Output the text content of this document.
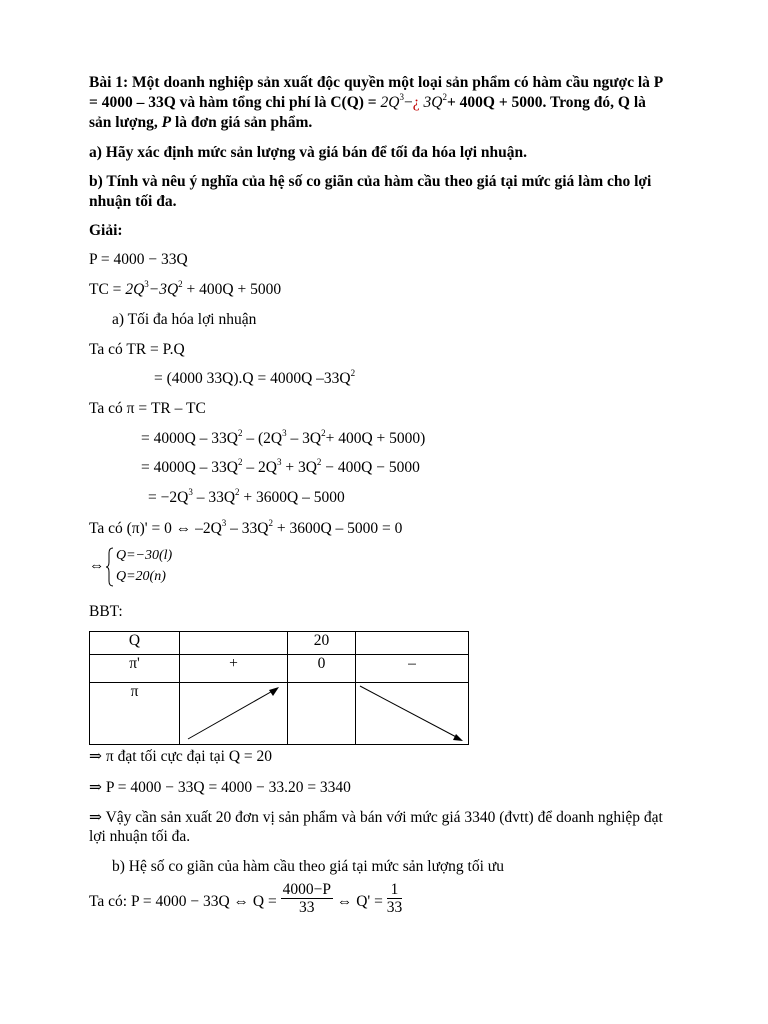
Bài 1: Một doanh nghiệp sản xuất độc quyền một loại sản phẩm có hàm cầu ngược là P
= 4000 – 33Q và hàm tổng chi phí là $C(Q) = 2Q^3-¿$ $3Q^2+ 400Q + 5000$. Trong đó, Q là
sản lượng, P là đơn giá sản phẩm.
a) Hãy xác định mức sản lượng và giá bán để tối đa hóa lợi nhuận.
b) Tính và nêu ý nghĩa của hệ số co giãn của hàm cầu theo giá tại mức giá làm cho lợi
nhuận tối đa.
Giải:
P = 4000 − 33Q
TC = $2Q^3-3Q^2 + 400Q + 5000$
a) Tối đa hóa lợi nhuận
Ta có TR = P.Q
= (4000 33Q).Q = 4000Q $-33Q^2$
Ta có π = TR – TC
= $4000Q - 33Q^2 - (2Q^3 - 3Q^2+ 400Q + 5000)$
= $4000Q - 33Q^2 - 2Q^3 + 3Q^2 - 400Q - 5000$
= $-2Q^3 - 33Q^2 + 3600Q - 5000$
Ta có (π)' = 0 ⇔ $-2Q^3 - 33Q^2 + 3600Q - 5000 = 0$
⇔
Q=−30(l)
Q=20(n)
BBT:
Q		20	
π'	+	0	–
π	

⇒ π đạt tối cực đại tại Q = 20
⇒ P = 4000 − 33Q = 4000 − 33.20 = 3340
⇒ Vậy cần sản xuất 20 đơn vị sản phẩm và bán với mức giá 3340 (đvtt) để doanh nghiệp đạt
lợi nhuận tối đa.
b) Hệ số co giãn của hàm cầu theo giá tại mức sản lượng tối ưu
Ta có: P = 4000 − 33Q ⇔ $Q = \frac{4000-P}{33}$ ⇔ $Q' = \frac{1}{33}$
